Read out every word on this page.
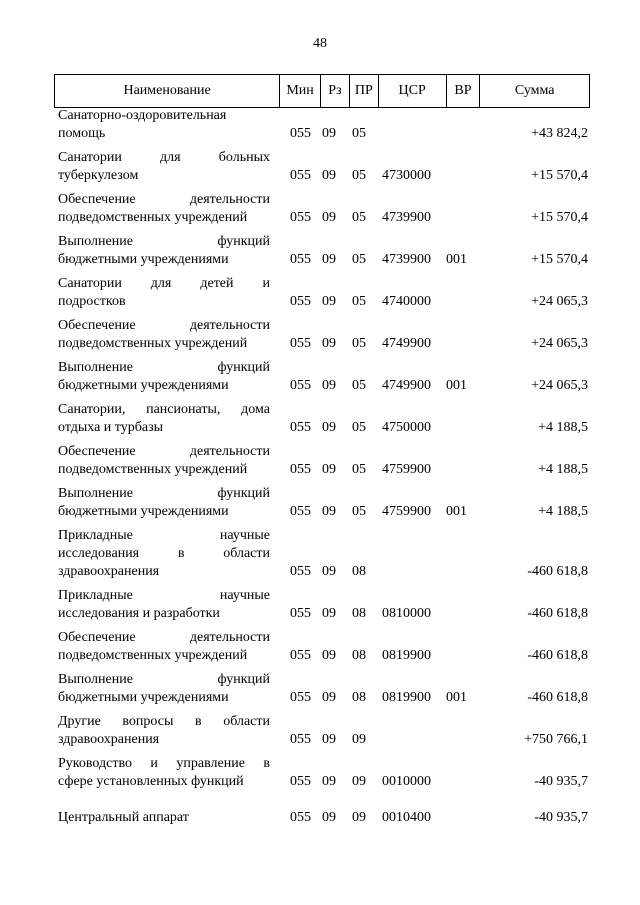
48
Наименование	Мин	Рз ПР	ЦСР	ВР	Сумма
Санаторно-оздоровительная
помощь	055 09 05	+43 824,2
Санатории для больных
туберкулезом	055 09 05 4730000	+15 570,4
Обеспечение деятельности
подведомственных учреждений	055 09 05 4739900	+15 570,4
Выполнение функций
бюджетными учреждениями	055 09 05 4739900 001	+15 570,4
Санатории для детей и
подростков	055 09 05 4740000	+24 065,3
Обеспечение деятельности
подведомственных учреждений	055 09 05 4749900	+24 065,3
Выполнение функций
бюджетными учреждениями	055 09 05 4749900 001	+24 065,3
Санатории, пансионаты, дома
отдыха и турбазы	055 09 05 4750000	+4 188,5
Обеспечение деятельности
подведомственных учреждений	055 09 05 4759900	+4 188,5
Выполнение функций
бюджетными учреждениями	055 09 05 4759900 001	+4 188,5
Прикладные научные
исследования в области
здравоохранения	055 09 08	-460 618,8
Прикладные научные
исследования и разработки	055 09 08 0810000	-460 618,8
Обеспечение деятельности
подведомственных учреждений	055 09 08 0819900	-460 618,8
Выполнение функций
бюджетными учреждениями	055 09 08 0819900 001	-460 618,8
Другие вопросы в области
здравоохранения	055 09 09	+750 766,1
Руководство и управление в
сфере установленных функций	055 09 09 0010000	-40 935,7
Центральный аппарат	055 09 09 0010400	-40 935,7
